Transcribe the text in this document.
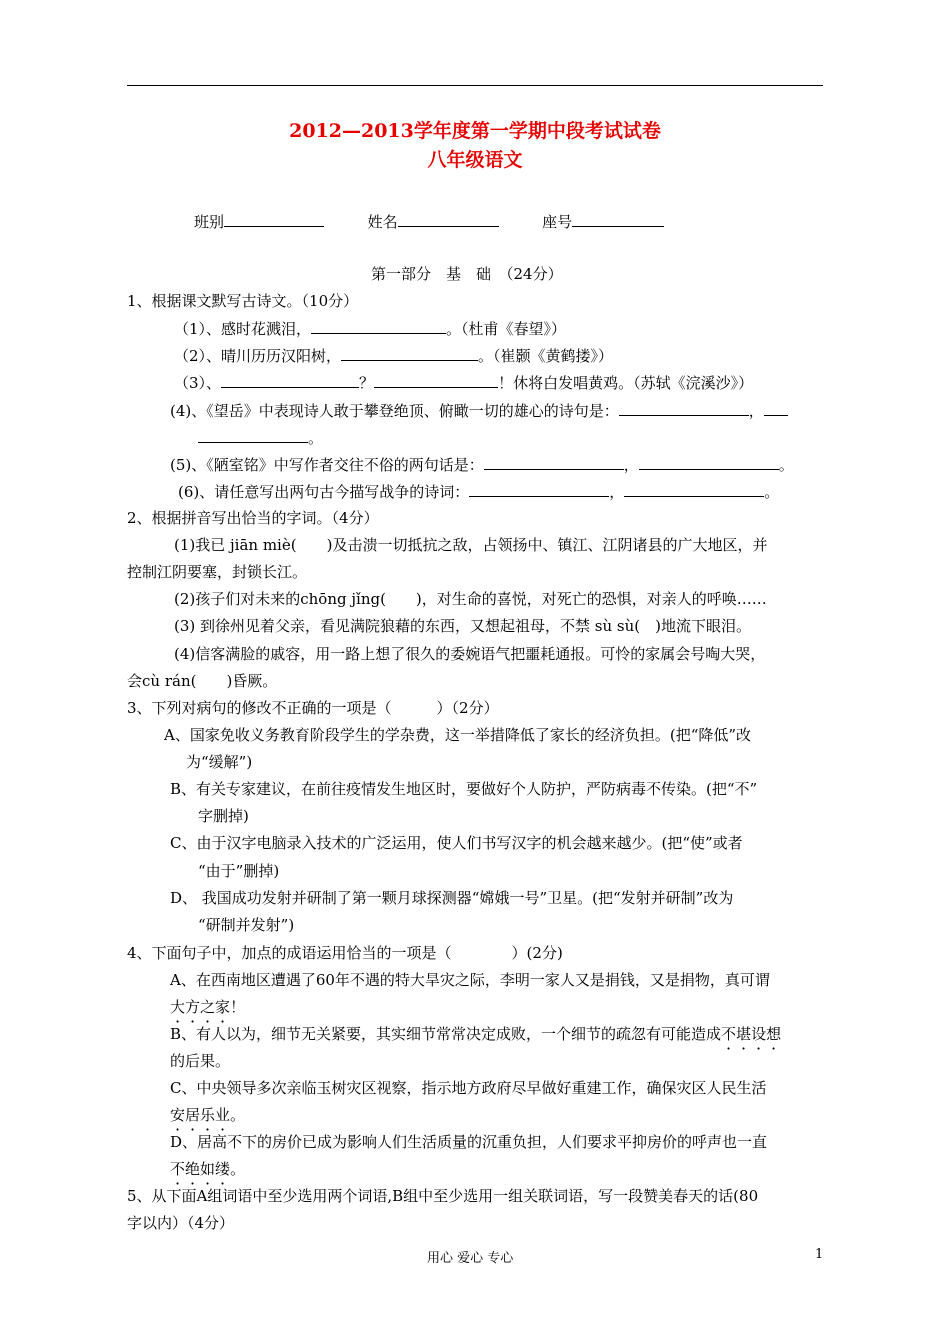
2012—2013学年度第一学期中段考试试卷
八年级语文
班别	姓名	座号
第一部分　基　础　（24分）
1、根据课文默写古诗文。（10分）
（1）、感时花溅泪，	。（杜甫《春望》）
（2）、晴川历历汉阳树，	。（崔颢《黄鹤搂》）
（3）、	？	！休将白发唱黄鸡。（苏轼《浣溪沙》）
(4)、《望岳》中表现诗人敢于攀登绝顶、俯瞰一切的雄心的诗句是：	，
。
(5)、《陋室铭》中写作者交往不俗的两句话是：	，	。
(6)、请任意写出两句古今描写战争的诗词：	，	。
2、根据拼音写出恰当的字词。（4分）
(1)我已 jiān miè(　　)及击溃一切抵抗之敌，占领扬中、镇江、江阴诸县的广大地区，并
控制江阴要塞，封锁长江。
(2)孩子们对未来的chōng jǐng(　　)，对生命的喜悦，对死亡的恐惧，对亲人的呼唤……
(3) 到徐州见着父亲，看见满院狼藉的东西，又想起祖母，不禁 sù sù(　)地流下眼泪。
(4)信客满脸的戚容，用一路上想了很久的委婉语气把噩耗通报。可怜的家属会号啕大哭，
会cù rán(　　)昏厥。
3、下列对病句的修改不正确的一项是（　　　）（2分）
A、国家免收义务教育阶段学生的学杂费，这一举措降低了家长的经济负担。(把“降低”改
为“缓解”)
B、有关专家建议，在前往疫情发生地区时，要做好个人防护，严防病毒不传染。(把“不”
字删掉)
C、由于汉字电脑录入技术的广泛运用，使人们书写汉字的机会越来越少。(把“使”或者
“由于”删掉)
D、 我国成功发射并研制了第一颗月球探测器“嫦娥一号”卫星。(把“发射并研制”改为
“研制并发射”)
4、下面句子中，加点的成语运用恰当的一项是（　　　　）(2分)
A、在西南地区遭遇了60年不遇的特大旱灾之际，李明一家人又是捐钱，又是捐物，真可谓
大方之家！
B、有人以为，细节无关紧要，其实细节常常决定成败，一个细节的疏忽有可能造成不堪设想
的后果。
C、中央领导多次亲临玉树灾区视察，指示地方政府尽早做好重建工作，确保灾区人民生活
安居乐业。
D、居高不下的房价已成为影响人们生活质量的沉重负担，人们要求平抑房价的呼声也一直
不绝如缕。
5、从下面A组词语中至少选用两个词语,B组中至少选用一组关联词语，写一段赞美春天的话(80
字以内）（4分）
用心 爱心 专心	1
